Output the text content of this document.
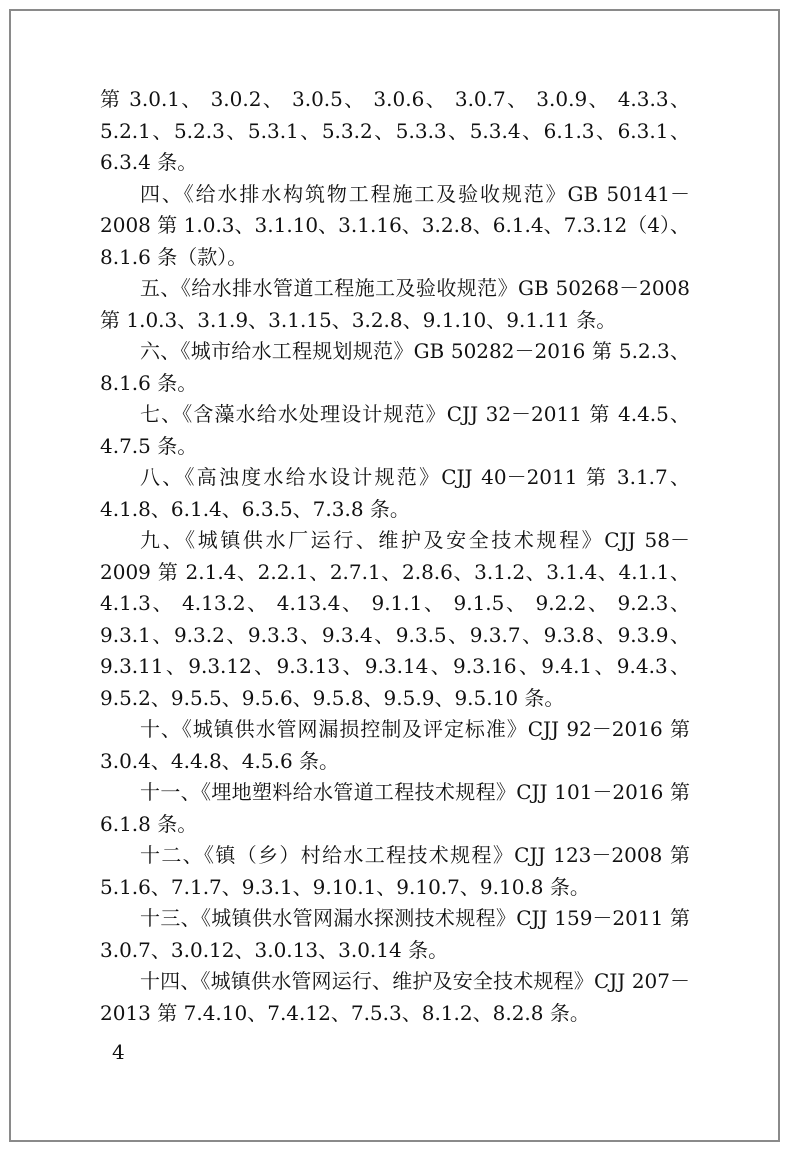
第 3.0.1、 3.0.2、 3.0.5、 3.0.6、 3.0.7、 3.0.9、 4.3.3、
5.2.1、5.2.3、5.3.1、5.3.2、5.3.3、5.3.4、6.1.3、6.3.1、
6.3.4 条。
四、《给水排水构筑物工程施工及验收规范》GB 50141－
2008 第 1.0.3、3.1.10、3.1.16、3.2.8、6.1.4、7.3.12（4）、
8.1.6 条（款）。
五、《给水排水管道工程施工及验收规范》GB 50268－2008
第 1.0.3、3.1.9、3.1.15、3.2.8、9.1.10、9.1.11 条。
六、《城市给水工程规划规范》GB 50282－2016 第 5.2.3、
8.1.6 条。
七、《含藻水给水处理设计规范》CJJ 32－2011 第 4.4.5、
4.7.5 条。
八、《高浊度水给水设计规范》CJJ 40－2011 第 3.1.7、
4.1.8、6.1.4、6.3.5、7.3.8 条。
九、《城镇供水厂运行、维护及安全技术规程》CJJ 58－
2009 第 2.1.4、2.2.1、2.7.1、2.8.6、3.1.2、3.1.4、4.1.1、
4.1.3、 4.13.2、 4.13.4、 9.1.1、 9.1.5、 9.2.2、 9.2.3、
9.3.1、9.3.2、9.3.3、9.3.4、9.3.5、9.3.7、9.3.8、9.3.9、
9.3.11、9.3.12、9.3.13、9.3.14、9.3.16、9.4.1、9.4.3、
9.5.2、9.5.5、9.5.6、9.5.8、9.5.9、9.5.10 条。
十、《城镇供水管网漏损控制及评定标准》CJJ 92－2016 第
3.0.4、4.4.8、4.5.6 条。
十一、《埋地塑料给水管道工程技术规程》CJJ 101－2016 第
6.1.8 条。
十二、《镇（乡）村给水工程技术规程》CJJ 123－2008 第
5.1.6、7.1.7、9.3.1、9.10.1、9.10.7、9.10.8 条。
十三、《城镇供水管网漏水探测技术规程》CJJ 159－2011 第
3.0.7、3.0.12、3.0.13、3.0.14 条。
十四、《城镇供水管网运行、维护及安全技术规程》CJJ 207－
2013 第 7.4.10、7.4.12、7.5.3、8.1.2、8.2.8 条。
4
